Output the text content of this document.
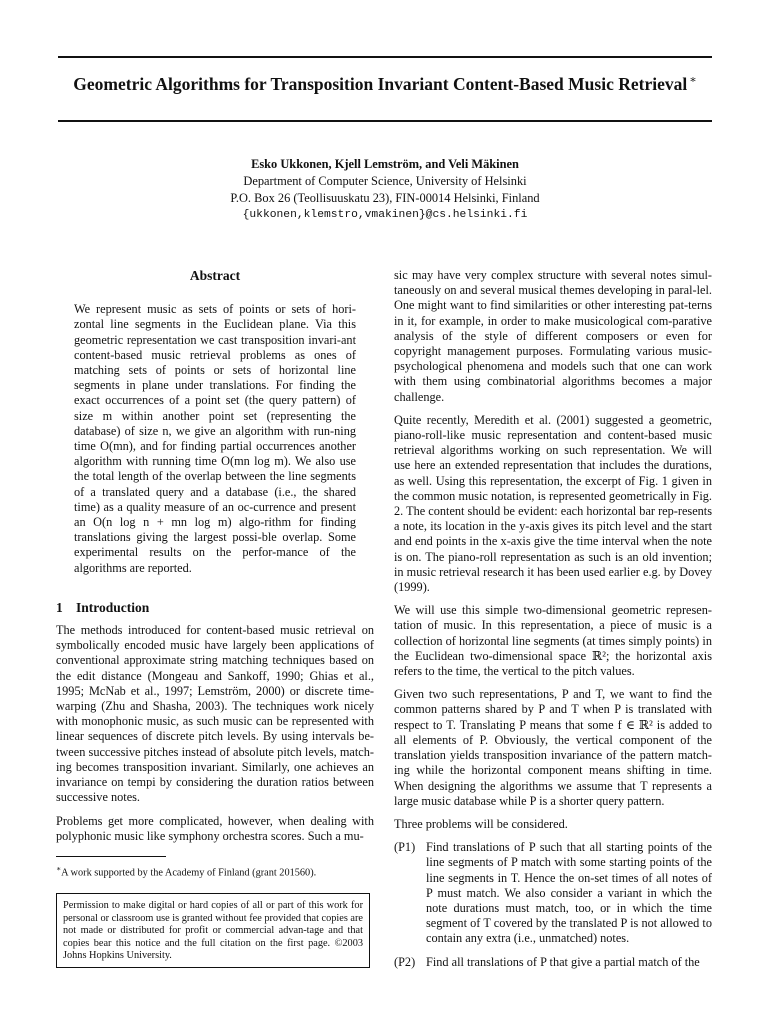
Geometric Algorithms for Transposition Invariant Content-Based Music Retrieval ∗
Esko Ukkonen, Kjell Lemström, and Veli Mäkinen
Department of Computer Science, University of Helsinki
P.O. Box 26 (Teollisuuskatu 23), FIN-00014 Helsinki, Finland
{ukkonen,klemstro,vmakinen}@cs.helsinki.fi
Abstract

We represent music as sets of points or sets of hori-zontal line segments in the Euclidean plane. Via this geometric representation we cast transposition invari-ant content-based music retrieval problems as ones of matching sets of points or sets of horizontal line segments in plane under translations. For finding the exact occurrences of a point set (the query pattern) of size m within another point set (representing the database) of size n, we give an algorithm with run-ning time O(mn), and for finding partial occurrences another algorithm with running time O(mn log m). We also use the total length of the overlap between the line segments of a translated query and a database (i.e., the shared time) as a quality measure of an oc-currence and present an O(n log n + mn log m) algo-rithm for finding translations giving the largest possi-ble overlap. Some experimental results on the perfor-mance of the algorithms are reported.

1 Introduction

The methods introduced for content-based music retrieval on symbolically encoded music have largely been applications of conventional approximate string matching techniques based on the edit distance (Mongeau and Sankoff, 1990; Ghias et al., 1995; McNab et al., 1997; Lemström, 2000) or discrete time-warping (Zhu and Shasha, 2003). The techniques work nicely with monophonic music, as such music can be represented with linear sequences of discrete pitch levels. By using intervals be-tween successive pitches instead of absolute pitch levels, match-ing becomes transposition invariant. Similarly, one achieves an invariance on tempi by considering the duration ratios between successive notes.

Problems get more complicated, however, when dealing with polyphonic music like symphony orchestra scores. Such a mu-

∗A work supported by the Academy of Finland (grant 201560).
Permission to make digital or hard copies of all or part of this work for personal or classroom use is granted without fee provided that copies are not made or distributed for profit or commercial advan-tage and that copies bear this notice and the full citation on the first page. ©2003 Johns Hopkins University.

sic may have very complex structure with several notes simul-taneously on and several musical themes developing in paral-lel. One might want to find similarities or other interesting pat-terns in it, for example, in order to make musicological com-parative analysis of the style of different composers or even for copyright management purposes. Formulating various music-psychological phenomena and models such that one can work with them using combinatorial algorithms becomes a major challenge.

Quite recently, Meredith et al. (2001) suggested a geometric, piano-roll-like music representation and content-based music retrieval algorithms working on such representation. We will use here an extended representation that includes the durations, as well. Using this representation, the excerpt of Fig. 1 given in the common music notation, is represented geometrically in Fig. 2. The content should be evident: each horizontal bar rep-resents a note, its location in the y-axis gives its pitch level and the start and end points in the x-axis give the time interval when the note is on. The piano-roll representation as such is an old invention; in music retrieval research it has been used earlier e.g. by Dovey (1999).

We will use this simple two-dimensional geometric represen-tation of music. In this representation, a piece of music is a collection of horizontal line segments (at times simply points) in the Euclidean two-dimensional space ℝ²; the horizontal axis refers to the time, the vertical to the pitch values.

Given two such representations, P and T, we want to find the common patterns shared by P and T when P is translated with respect to T. Translating P means that some f ∈ ℝ² is added to all elements of P. Obviously, the vertical component of the translation yields transposition invariance of the pattern match-ing while the horizontal component means shifting in time. When designing the algorithms we assume that T represents a large music database while P is a shorter query pattern.

Three problems will be considered.

(P1) Find translations of P such that all starting points of the line segments of P match with some starting points of the line segments in T. Hence the on-set times of all notes of P must match. We also consider a variant in which the note durations must match, too, or in which the time segment of T covered by the translated P is not allowed to contain any extra (i.e., unmatched) notes.
(P2) Find all translations of P that give a partial match of the
